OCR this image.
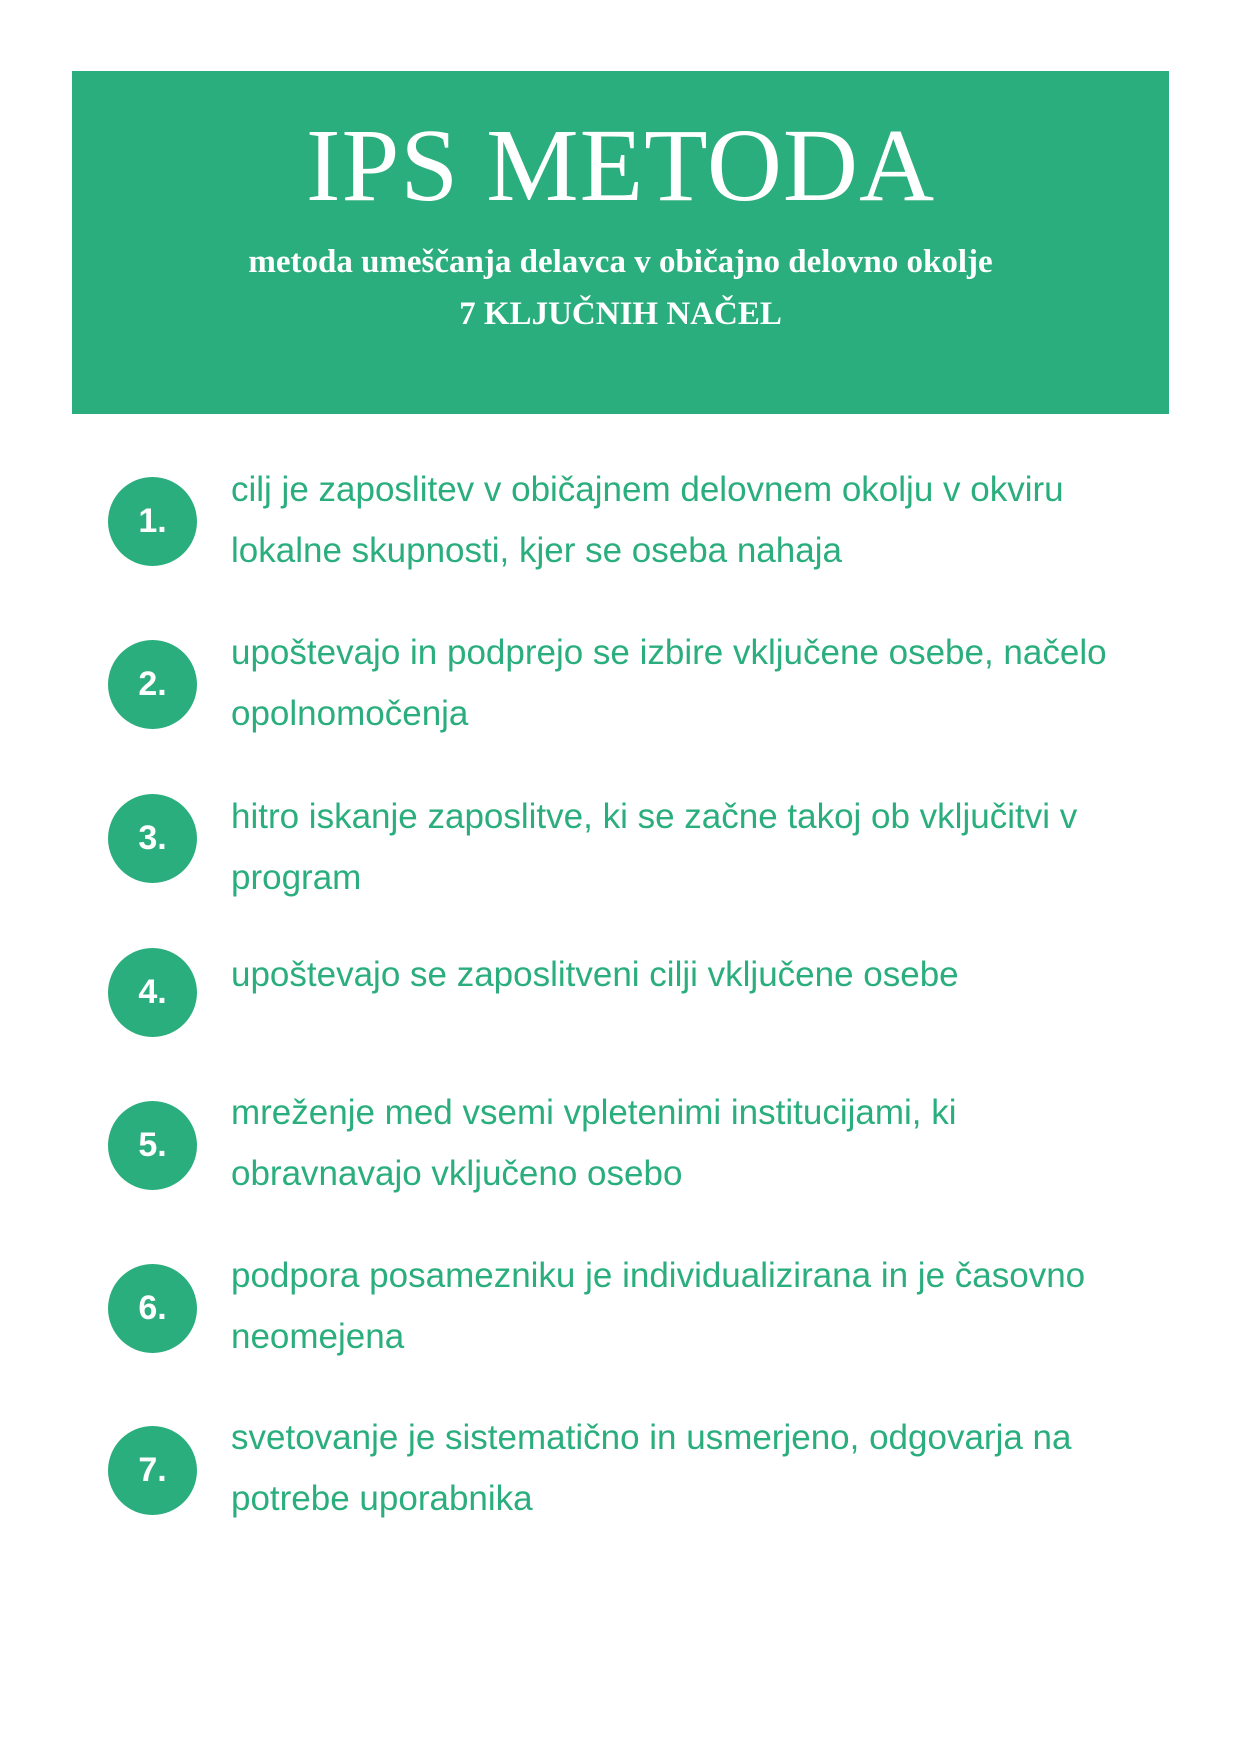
IPS METODA
metoda umeščanja delavca v običajno delovno okolje
7 KLJUČNIH NAČEL
1.
cilj je zaposlitev v običajnem delovnem okolju v okviru lokalne skupnosti, kjer se oseba nahaja
2.
upoštevajo in podprejo se izbire vključene osebe, načelo opolnomočenja
3.
hitro iskanje zaposlitve, ki se začne takoj ob vključitvi v program
4.	upoštevajo se zaposlitveni cilji vključene osebe
5.
mreženje med vsemi vpletenimi institucijami, ki obravnavajo vključeno osebo
6.
podpora posamezniku je individualizirana in je časovno neomejena
7.
svetovanje je sistematično in usmerjeno, odgovarja na potrebe uporabnika
